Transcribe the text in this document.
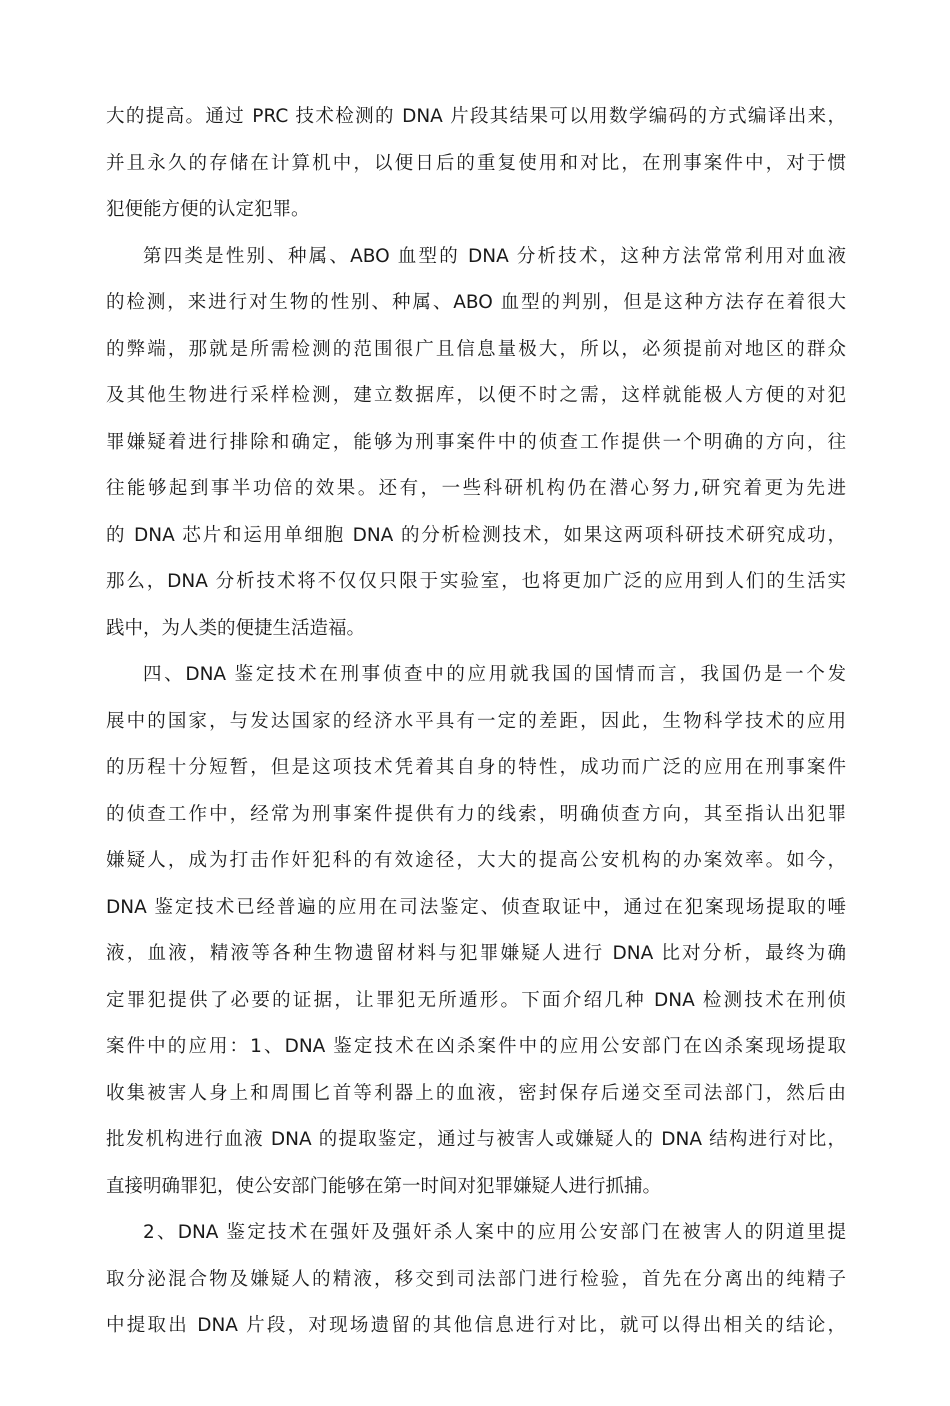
大的提高。通过 PRC 技术检测的 DNA 片段其结果可以用数学编码的方式编译出来，
并且永久的存储在计算机中，以便日后的重复使用和对比，在刑事案件中，对于惯
犯便能方便的认定犯罪。

第四类是性别、种属、ABO 血型的 DNA 分析技术，这种方法常常利用对血液
的检测，来进行对生物的性别、种属、ABO 血型的判别，但是这种方法存在着很大
的弊端，那就是所需检测的范围很广且信息量极大，所以，必须提前对地区的群众
及其他生物进行采样检测，建立数据库，以便不时之需，这样就能极人方便的对犯
罪嫌疑着进行排除和确定，能够为刑事案件中的侦查工作提供一个明确的方向，往
往能够起到事半功倍的效果。还有，一些科研机构仍在潜心努力,研究着更为先进
的 DNA 芯片和运用单细胞 DNA 的分析检测技术，如果这两项科研技术研究成功，
那么，DNA 分析技术将不仅仅只限于实验室，也将更加广泛的应用到人们的生活实
践中，为人类的便捷生活造福。

四、DNA 鉴定技术在刑事侦查中的应用就我国的国情而言，我国仍是一个发
展中的国家，与发达国家的经济水平具有一定的差距，因此，生物科学技术的应用
的历程十分短暂，但是这项技术凭着其自身的特性，成功而广泛的应用在刑事案件
的侦查工作中，经常为刑事案件提供有力的线索，明确侦查方向，其至指认出犯罪
嫌疑人，成为打击作奸犯科的有效途径，大大的提高公安机构的办案效率。如今，
DNA 鉴定技术已经普遍的应用在司法鉴定、侦查取证中，通过在犯案现场提取的唾
液，血液，精液等各种生物遗留材料与犯罪嫌疑人进行 DNA 比对分析，最终为确
定罪犯提供了必要的证据，让罪犯无所遁形。下面介绍几种 DNA 检测技术在刑侦
案件中的应用：1、DNA 鉴定技术在凶杀案件中的应用公安部门在凶杀案现场提取
收集被害人身上和周围匕首等利器上的血液，密封保存后递交至司法部门，然后由
批发机构进行血液 DNA 的提取鉴定，通过与被害人或嫌疑人的 DNA 结构进行对比，
直接明确罪犯，使公安部门能够在第一时间对犯罪嫌疑人进行抓捕。

2、DNA 鉴定技术在强奸及强奸杀人案中的应用公安部门在被害人的阴道里提
取分泌混合物及嫌疑人的精液，移交到司法部门进行检验，首先在分离出的纯精子
中提取出 DNA 片段，对现场遗留的其他信息进行对比，就可以得出相关的结论，
